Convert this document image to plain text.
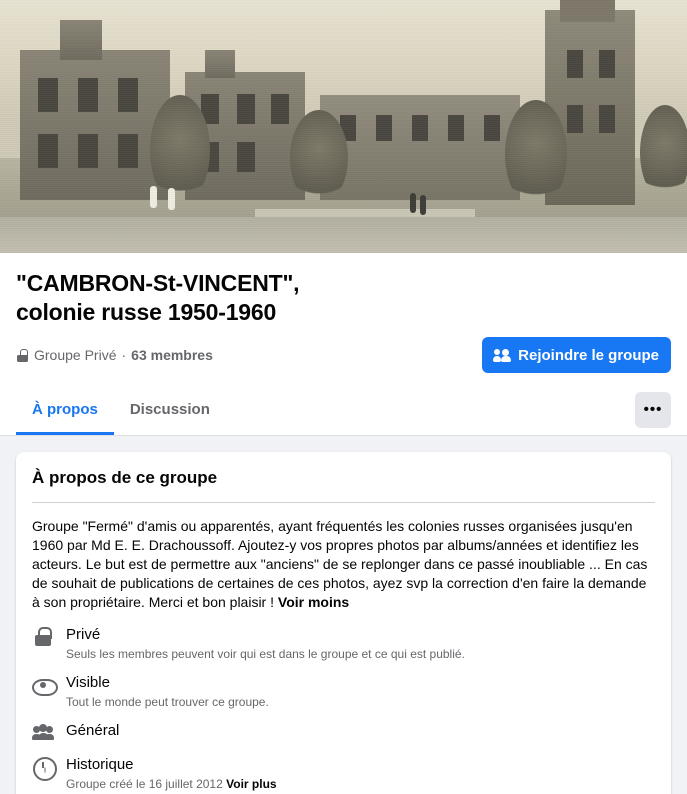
"CAMBRON-St-VINCENT",
colonie russe 1950-1960
Groupe Privé · 63 membres	Rejoindre le groupe
À propos	Discussion	•••
À propos de ce groupe
Groupe "Fermé" d'amis ou apparentés, ayant fréquentés les colonies russes organisées jusqu'en 1960 par Md E. E. Drachoussoff. Ajoutez-y vos propres photos par albums/années et identifiez les acteurs. Le but est de permettre aux "anciens" de se replonger dans ce passé inoubliable ... En cas de souhait de publications de certaines de ces photos, ayez svp la correction d'en faire la demande à son propriétaire. Merci et bon plaisir ! Voir moins
Privé
Seuls les membres peuvent voir qui est dans le groupe et ce qui est publié.
Visible
Tout le monde peut trouver ce groupe.
Général
Historique
Groupe créé le 16 juillet 2012 Voir plus
